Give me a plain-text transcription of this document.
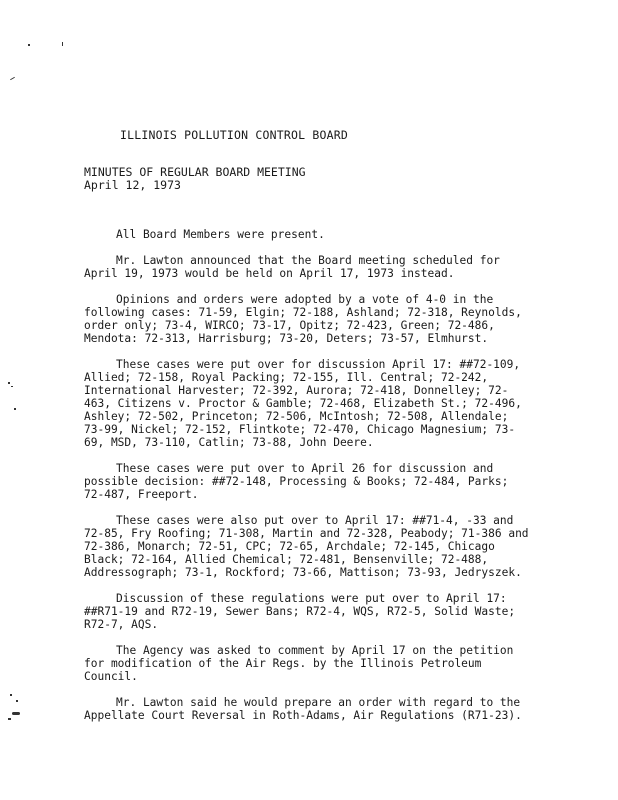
ILLINOIS POLLUTION CONTROL BOARD
MINUTES OF REGULAR BOARD MEETING
April 12, 1973

All Board Members were present.

Mr. Lawton announced that the Board meeting scheduled for April 19, 1973 would be held on April 17, 1973 instead.

Opinions and orders were adopted by a vote of 4-0 in the following cases: 71-59, Elgin; 72-188, Ashland; 72-318, Reynolds, order only; 73-4, WIRCO; 73-17, Opitz; 72-423, Green; 72-486, Mendota: 72-313, Harrisburg; 73-20, Deters; 73-57, Elmhurst.

These cases were put over for discussion April 17: ##72-109, Allied; 72-158, Royal Packing; 72-155, Ill. Central; 72-242, International Harvester; 72-392, Aurora; 72-418, Donnelley; 72-463, Citizens v. Proctor & Gamble; 72-468, Elizabeth St.; 72-496, Ashley; 72-502, Princeton; 72-506, McIntosh; 72-508, Allendale; 73-99, Nickel; 72-152, Flintkote; 72-470, Chicago Magnesium; 73-69, MSD, 73-110, Catlin; 73-88, John Deere.

These cases were put over to April 26 for discussion and possible decision: ##72-148, Processing & Books; 72-484, Parks; 72-487, Freeport.

These cases were also put over to April 17: ##71-4, -33 and 72-85, Fry Roofing; 71-308, Martin and 72-328, Peabody; 71-386 and 72-386, Monarch; 72-51, CPC; 72-65, Archdale; 72-145, Chicago Black; 72-164, Allied Chemical; 72-481, Bensenville; 72-488, Addressograph; 73-1, Rockford; 73-66, Mattison; 73-93, Jedryszek.

Discussion of these regulations were put over to April 17: ##R71-19 and R72-19, Sewer Bans; R72-4, WQS, R72-5, Solid Waste; R72-7, AQS.

The Agency was asked to comment by April 17 on the petition for modification of the Air Regs. by the Illinois Petroleum Council.

Mr. Lawton said he would prepare an order with regard to the Appellate Court Reversal in Roth-Adams, Air Regulations (R71-23).
